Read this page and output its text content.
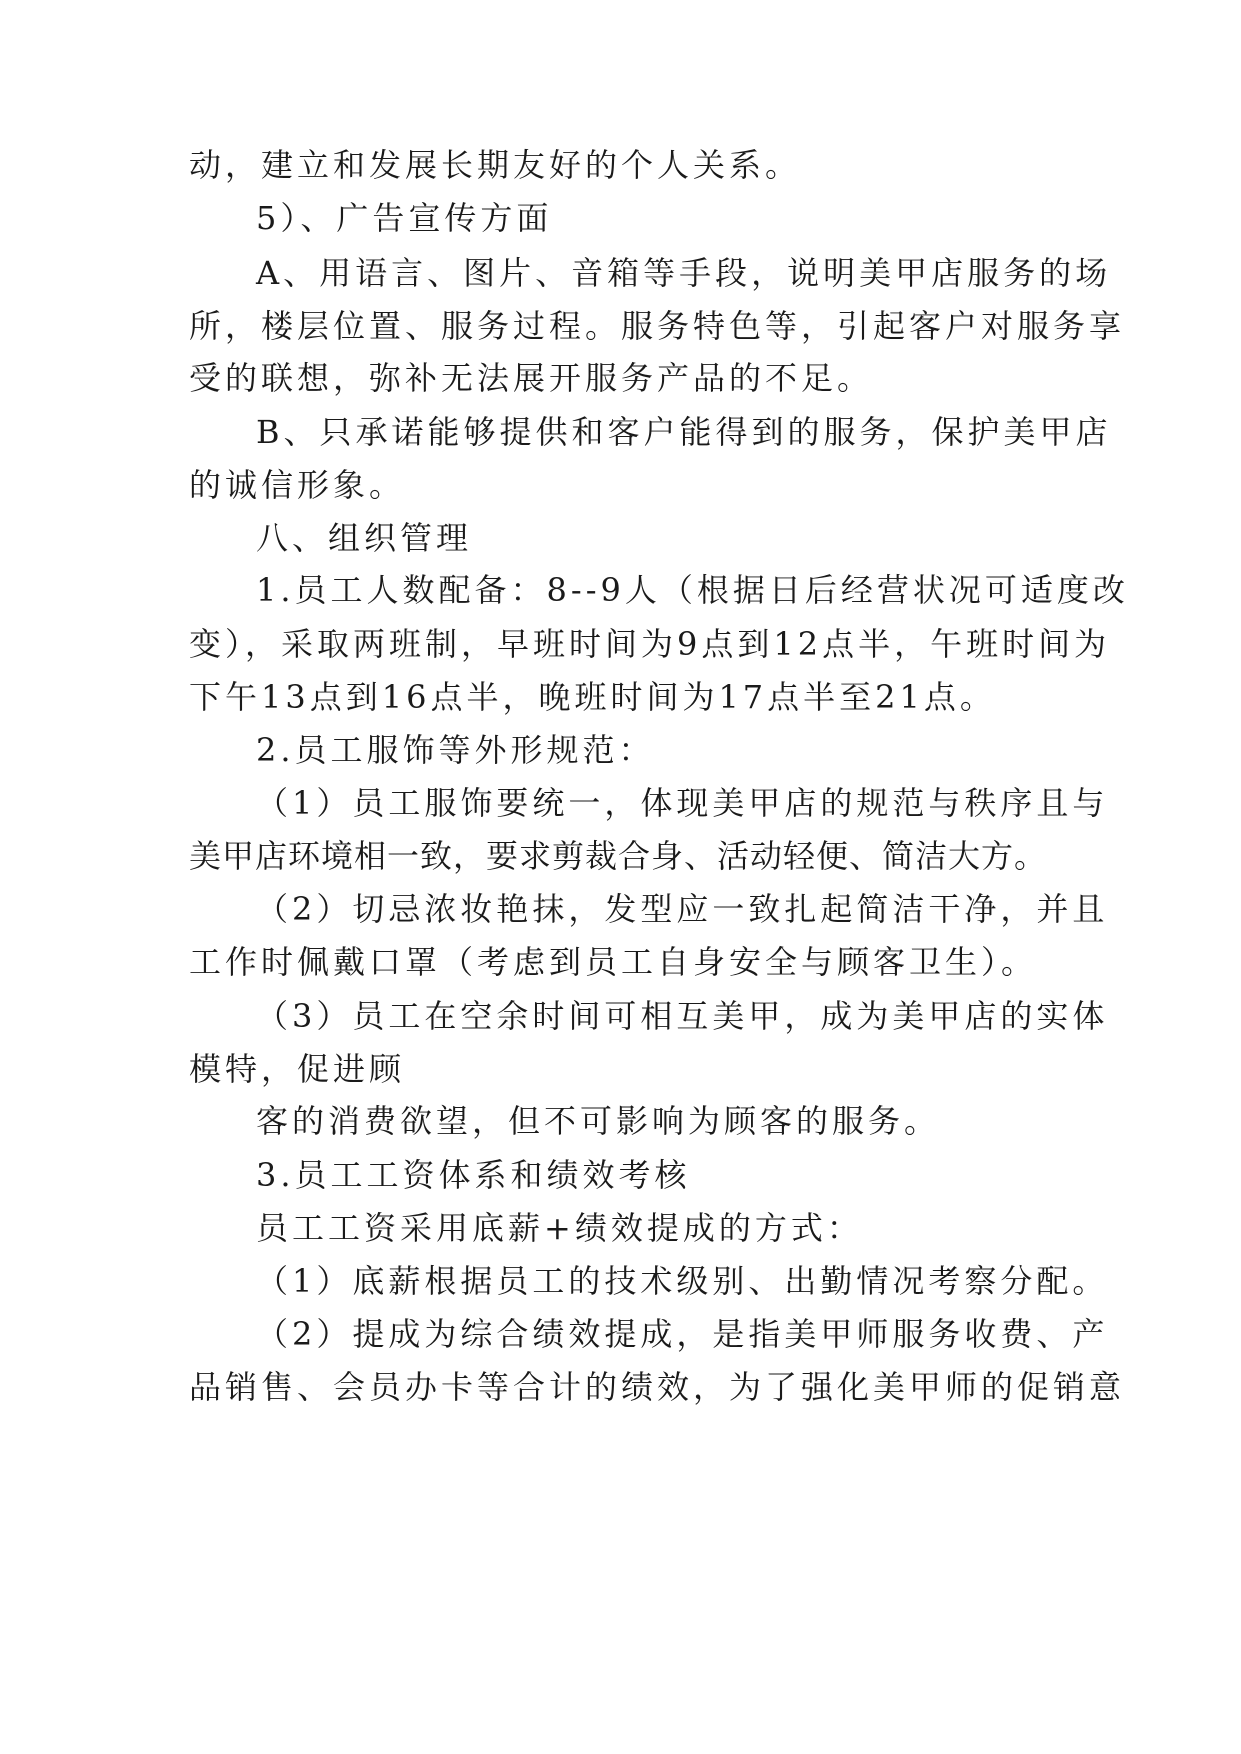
动，建立和发展长期友好的个人关系。
5）、广告宣传方面
A、用语言、图片、音箱等手段，说明美甲店服务的场
所，楼层位置、服务过程。服务特色等，引起客户对服务享
受的联想，弥补无法展开服务产品的不足。
B、只承诺能够提供和客户能得到的服务，保护美甲店
的诚信形象。
八、组织管理
1.员工人数配备：8--9人（根据日后经营状况可适度改
变），采取两班制，早班时间为9点到12点半，午班时间为
下午13点到16点半，晚班时间为17点半至21点。
2.员工服饰等外形规范：
（1）员工服饰要统一，体现美甲店的规范与秩序且与
美甲店环境相一致，要求剪裁合身、活动轻便、简洁大方。
（2）切忌浓妆艳抹，发型应一致扎起简洁干净，并且
工作时佩戴口罩（考虑到员工自身安全与顾客卫生）。
（3）员工在空余时间可相互美甲，成为美甲店的实体
模特，促进顾
客的消费欲望，但不可影响为顾客的服务。
3.员工工资体系和绩效考核
员工工资采用底薪+绩效提成的方式：
（1）底薪根据员工的技术级别、出勤情况考察分配。
（2）提成为综合绩效提成，是指美甲师服务收费、产
品销售、会员办卡等合计的绩效，为了强化美甲师的促销意
